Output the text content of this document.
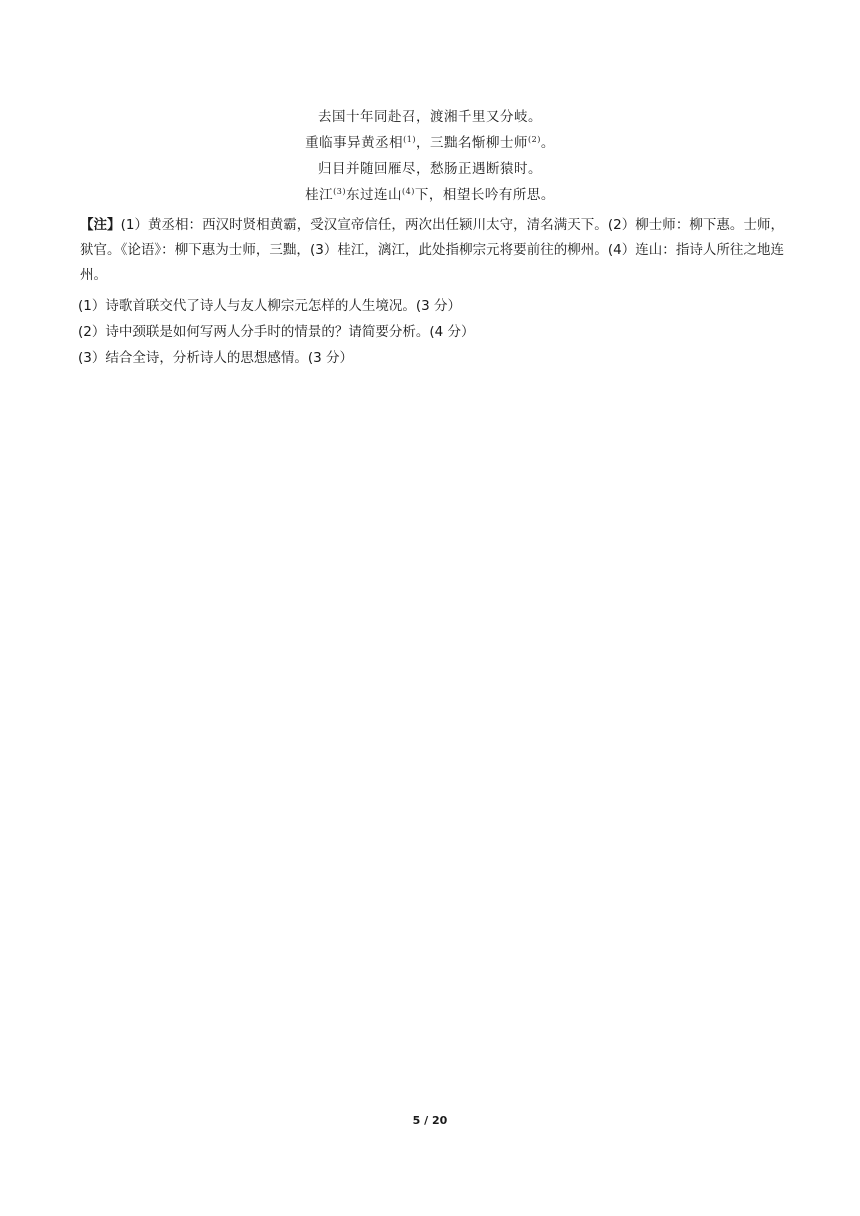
去国十年同赴召，渡湘千里又分岐。
重临事异黄丞相$^{(1)}$，三黜名惭柳士师$^{(2)}$。
归目并随回雁尽，愁肠正遇断猿时。
桂江$^{(3)}$东过连山$^{(4)}$下，相望长吟有所思。
【注】(1）黄丞相：西汉时贤相黄霸，受汉宣帝信任，两次出任颍川太守，清名满天下。(2）柳士师：柳下惠。士师，狱官。《论语》：柳下惠为士师，三黜，(3）桂江，漓江，此处指柳宗元将要前往的柳州。(4）连山：指诗人所往之地连州。
(1）诗歌首联交代了诗人与友人柳宗元怎样的人生境况。(3 分）
(2）诗中颈联是如何写两人分手时的情景的？请简要分析。(4 分）
(3）结合全诗，分析诗人的思想感情。(3 分）
5 / 20
